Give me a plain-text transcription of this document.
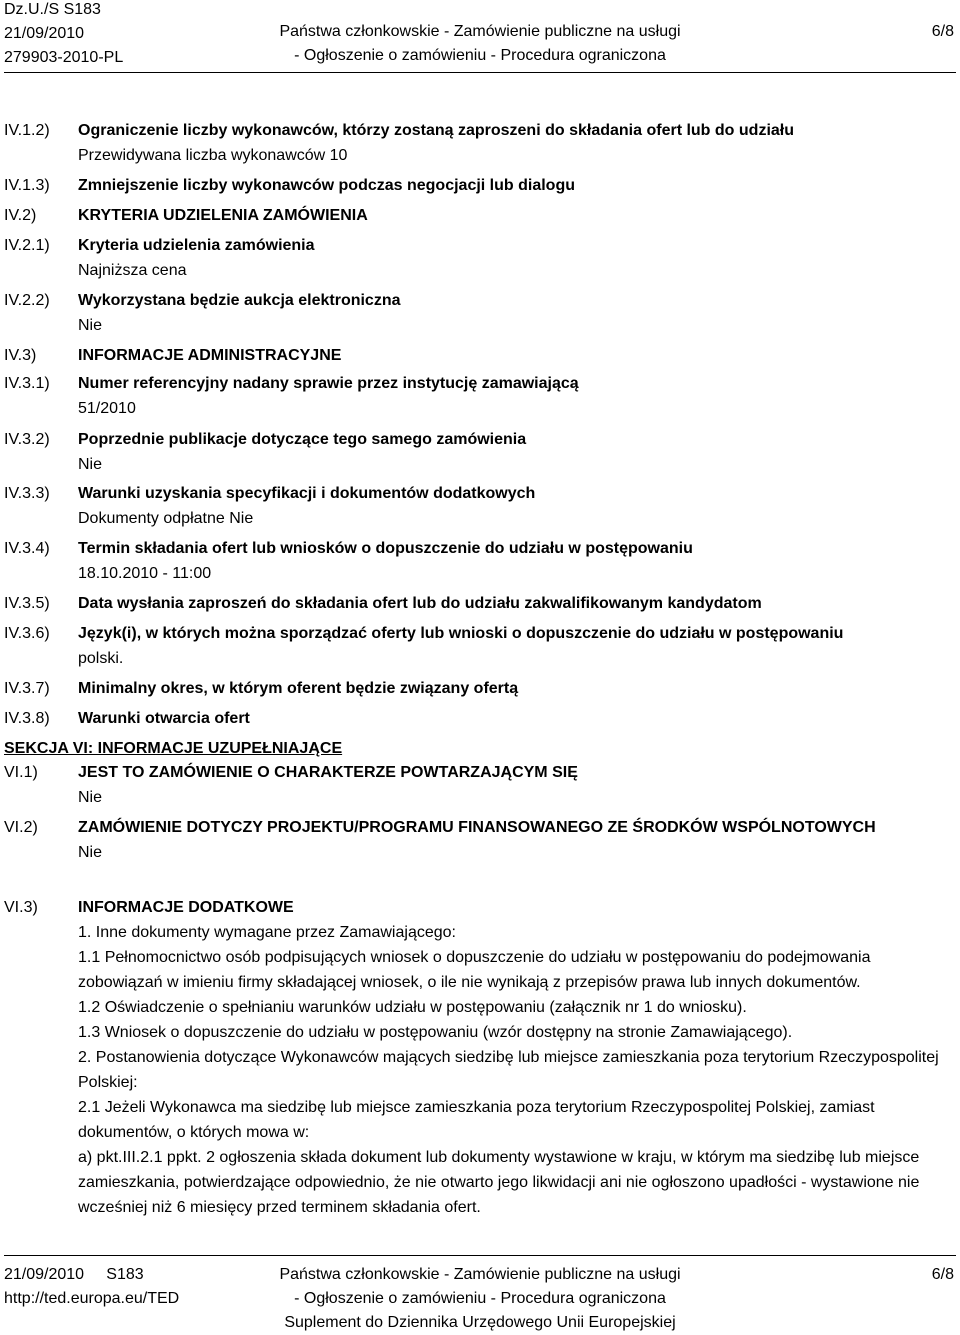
Dz.U./S S183
21/09/2010
279903-2010-PL
Państwa członkowskie - Zamówienie publiczne na usługi
- Ogłoszenie o zamówieniu - Procedura ograniczona
6/8
IV.1.2) Ograniczenie liczby wykonawców, którzy zostaną zaproszeni do składania ofert lub do udziału
Przewidywana liczba wykonawców 10
IV.1.3) Zmniejszenie liczby wykonawców podczas negocjacji lub dialogu
IV.2)	KRYTERIA UDZIELENIA ZAMÓWIENIA
IV.2.1) Kryteria udzielenia zamówienia
Najniższa cena
IV.2.2) Wykorzystana będzie aukcja elektroniczna
Nie
IV.3)	INFORMACJE ADMINISTRACYJNE
IV.3.1) Numer referencyjny nadany sprawie przez instytucję zamawiającą
51/2010
IV.3.2) Poprzednie publikacje dotyczące tego samego zamówienia
Nie
IV.3.3) Warunki uzyskania specyfikacji i dokumentów dodatkowych
Dokumenty odpłatne Nie
IV.3.4) Termin składania ofert lub wniosków o dopuszczenie do udziału w postępowaniu
18.10.2010 - 11:00
IV.3.5) Data wysłania zaproszeń do składania ofert lub do udziału zakwalifikowanym kandydatom
IV.3.6) Język(i), w których można sporządzać oferty lub wnioski o dopuszczenie do udziału w postępowaniu
polski.
IV.3.7) Minimalny okres, w którym oferent będzie związany ofertą
IV.3.8) Warunki otwarcia ofert
SEKCJA VI: INFORMACJE UZUPEŁNIAJĄCE
VI.1)	JEST TO ZAMÓWIENIE O CHARAKTERZE POWTARZAJĄCYM SIĘ
Nie
VI.2)	ZAMÓWIENIE DOTYCZY PROJEKTU/PROGRAMU FINANSOWANEGO ZE ŚRODKÓW WSPÓLNOTOWYCH
Nie
VI.3)	INFORMACJE DODATKOWE
1. Inne dokumenty wymagane przez Zamawiającego:
1.1 Pełnomocnictwo osób podpisujących wniosek o dopuszczenie do udziału w postępowaniu do podejmowania zobowiązań w imieniu firmy składającej wniosek, o ile nie wynikają z przepisów prawa lub innych dokumentów.
1.2 Oświadczenie o spełnianiu warunków udziału w postępowaniu (załącznik nr 1 do wniosku).
1.3 Wniosek o dopuszczenie do udziału w postępowaniu (wzór dostępny na stronie Zamawiającego).
2. Postanowienia dotyczące Wykonawców mających siedzibę lub miejsce zamieszkania poza terytorium Rzeczypospolitej Polskiej:
2.1 Jeżeli Wykonawca ma siedzibę lub miejsce zamieszkania poza terytorium Rzeczypospolitej Polskiej, zamiast dokumentów, o których mowa w:
a) pkt.III.2.1 ppkt. 2 ogłoszenia składa dokument lub dokumenty wystawione w kraju, w którym ma siedzibę lub miejsce zamieszkania, potwierdzające odpowiednio, że nie otwarto jego likwidacji ani nie ogłoszono upadłości - wystawione nie wcześniej niż 6 miesięcy przed terminem składania ofert.
21/09/2010     S183
http://ted.europa.eu/TED
Państwa członkowskie - Zamówienie publiczne na usługi
- Ogłoszenie o zamówieniu - Procedura ograniczona
Suplement do Dziennika Urzędowego Unii Europejskiej
6/8
